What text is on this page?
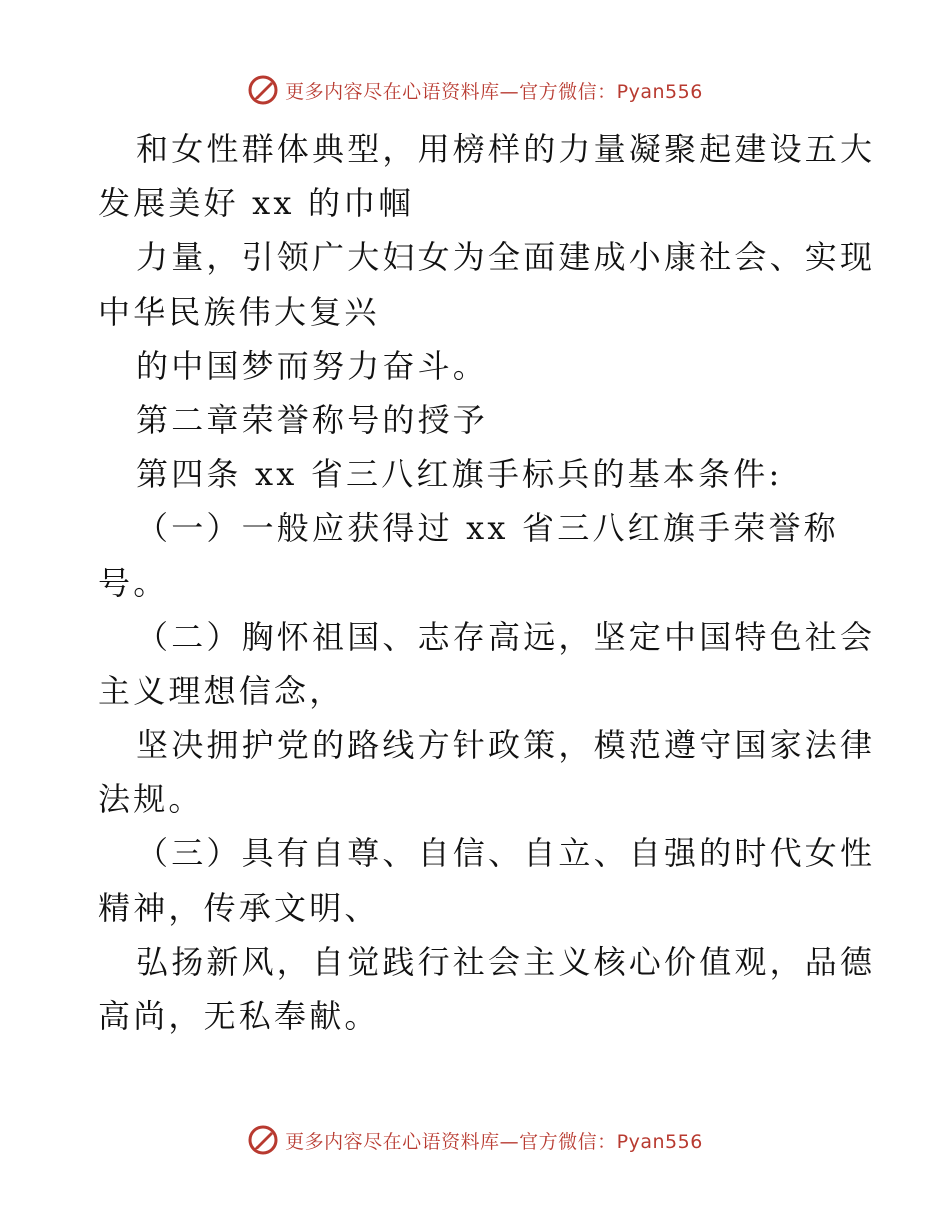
更多内容尽在心语资料库—官方微信：Pyan556
和女性群体典型，用榜样的力量凝聚起建设五大
发展美好 xx 的巾帼
力量，引领广大妇女为全面建成小康社会、实现
中华民族伟大复兴
的中国梦而努力奋斗。
第二章荣誉称号的授予
第四条 xx 省三八红旗手标兵的基本条件:
（一）一般应获得过 xx 省三八红旗手荣誉称
号。
（二）胸怀祖国、志存高远，坚定中国特色社会
主义理想信念，
坚决拥护党的路线方针政策，模范遵守国家法律
法规。
（三）具有自尊、自信、自立、自强的时代女性
精神，传承文明、
弘扬新风，自觉践行社会主义核心价值观，品德
高尚，无私奉献。
更多内容尽在心语资料库—官方微信：Pyan556
